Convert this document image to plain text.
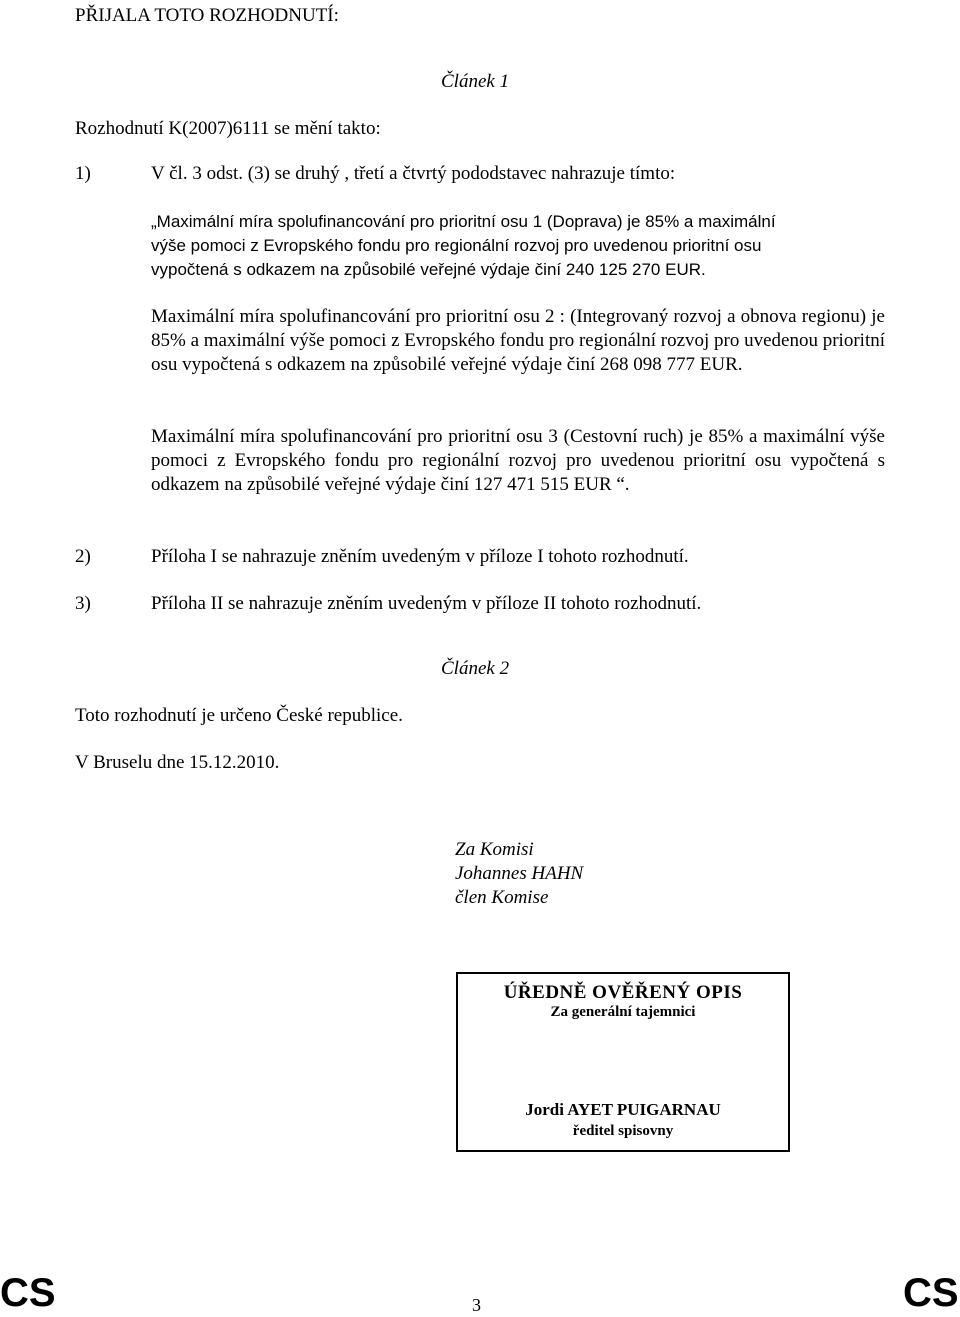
PŘIJALA TOTO ROZHODNUTÍ:
Článek 1
Rozhodnutí K(2007)6111 se mění takto:
1)	V čl. 3 odst. (3) se druhý , třetí a čtvrtý pododstavec nahrazuje tímto:
„Maximální míra spolufinancování pro prioritní osu 1 (Doprava) je 85% a maximální
výše pomoci z Evropského fondu pro regionální rozvoj pro uvedenou prioritní osu
vypočtená s odkazem na způsobilé veřejné výdaje činí 240 125 270 EUR.
Maximální míra spolufinancování pro prioritní osu 2 : (Integrovaný rozvoj a obnova regionu) je 85% a maximální výše pomoci z Evropského fondu pro regionální rozvoj pro uvedenou prioritní osu vypočtená s odkazem na způsobilé veřejné výdaje činí 268 098 777 EUR.
Maximální míra spolufinancování pro prioritní osu 3 (Cestovní ruch) je 85% a maximální výše pomoci z Evropského fondu pro regionální rozvoj pro uvedenou prioritní osu vypočtená s odkazem na způsobilé veřejné výdaje činí 127 471 515 EUR “.
2)	Příloha I se nahrazuje zněním uvedeným v příloze I tohoto rozhodnutí.
3)	Příloha II se nahrazuje zněním uvedeným v příloze II tohoto rozhodnutí.
Článek 2
Toto rozhodnutí je určeno České republice.
V Bruselu dne 15.12.2010.
Za Komisi
Johannes HAHN
člen Komise
ÚŘEDNĚ OVĚŘENÝ OPIS
Za generální tajemnici
Jordi AYET PUIGARNAU
ředitel spisovny
CS	3	CS
